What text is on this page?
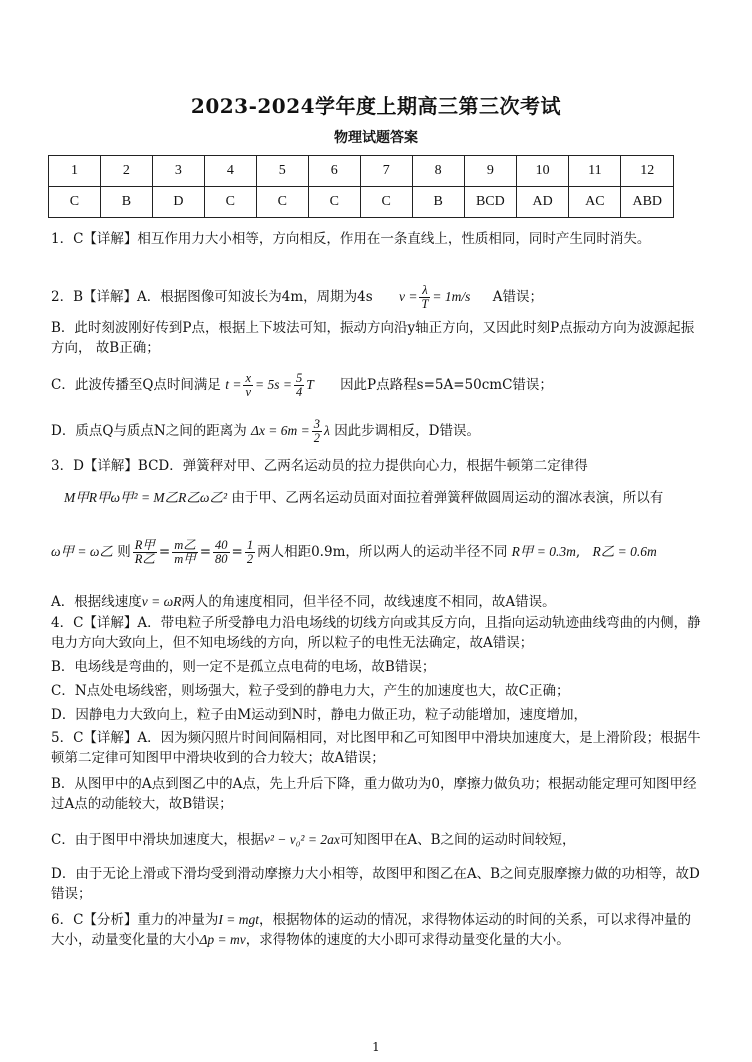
2023-2024学年度上期高三第三次考试
物理试题答案
1	2	3	4	5	6	7	8	9	10	11	12
C	B	D	C	C	C	C	B	BCD	AD	AC	ABD

1．C【详解】相互作用力大小相等，方向相反，作用在一条直线上，性质相同，同时产生同时消失。

2．B【详解】A．根据图像可知波长为4m，周期为4s $v = \frac{\lambda}{T} = 1m/s$ A错误；

B．此时刻波刚好传到P点，根据上下坡法可知，振动方向沿y轴正方向，又因此时刻P点振动方向为波源起振方向， 故B正确；

C．此波传播至Q点时间满足 $t = \frac{x}{v} = 5s = \frac{5}{4}$ T 因此P点路程s=5A=50cmC错误；

D．质点Q与质点N之间的距离为 $\Delta x = 6m = \frac{3}{2}$ λ 因此步调相反，D错误。

3．D【详解】BCD．弹簧秤对甲、乙两名运动员的拉力提供向心力，根据牛顿第二定律得

M甲R甲ω甲² = M乙R乙ω乙² 由于甲、乙两名运动员面对面拉着弹簧秤做圆周运动的溜冰表演，所以有

ω甲 = ω乙 则 $\frac{\text{R甲}}{\text{R乙}} = \frac{\text{m乙}}{\text{m甲}} = \frac{40}{80} = \frac{1}{2}$ 两人相距0.9m，所以两人的运动半径不同 R甲 = 0.3m, R乙 = 0.6m

A．根据线速度v = ωR两人的角速度相同，但半径不同，故线速度不相同，故A错误。

4．C【详解】A．带电粒子所受静电力沿电场线的切线方向或其反方向，且指向运动轨迹曲线弯曲的内侧，静电力方向大致向上，但不知电场线的方向，所以粒子的电性无法确定，故A错误；

B．电场线是弯曲的，则一定不是孤立点电荷的电场，故B错误；

C．N点处电场线密，则场强大，粒子受到的静电力大，产生的加速度也大，故C正确；

D．因静电力大致向上，粒子由M运动到N时，静电力做正功，粒子动能增加，速度增加，

5．C【详解】A．因为频闪照片时间间隔相同，对比图甲和乙可知图甲中滑块加速度大，是上滑阶段；根据牛顿第二定律可知图甲中滑块收到的合力较大；故A错误；

B．从图甲中的A点到图乙中的A点，先上升后下降，重力做功为0，摩擦力做负功；根据动能定理可知图甲经过A点的动能较大，故B错误；

C．由于图甲中滑块加速度大，根据v² − v₀² = 2ax可知图甲在A、B之间的运动时间较短，

D．由于无论上滑或下滑均受到滑动摩擦力大小相等，故图甲和图乙在A、B之间克服摩擦力做的功相等，故D错误；

6．C【分析】重力的冲量为I = mgt，根据物体的运动的情况，求得物体运动的时间的关系，可以求得冲量的大小，动量变化量的大小Δp = mv，求得物体的速度的大小即可求得动量变化量的大小。

1
